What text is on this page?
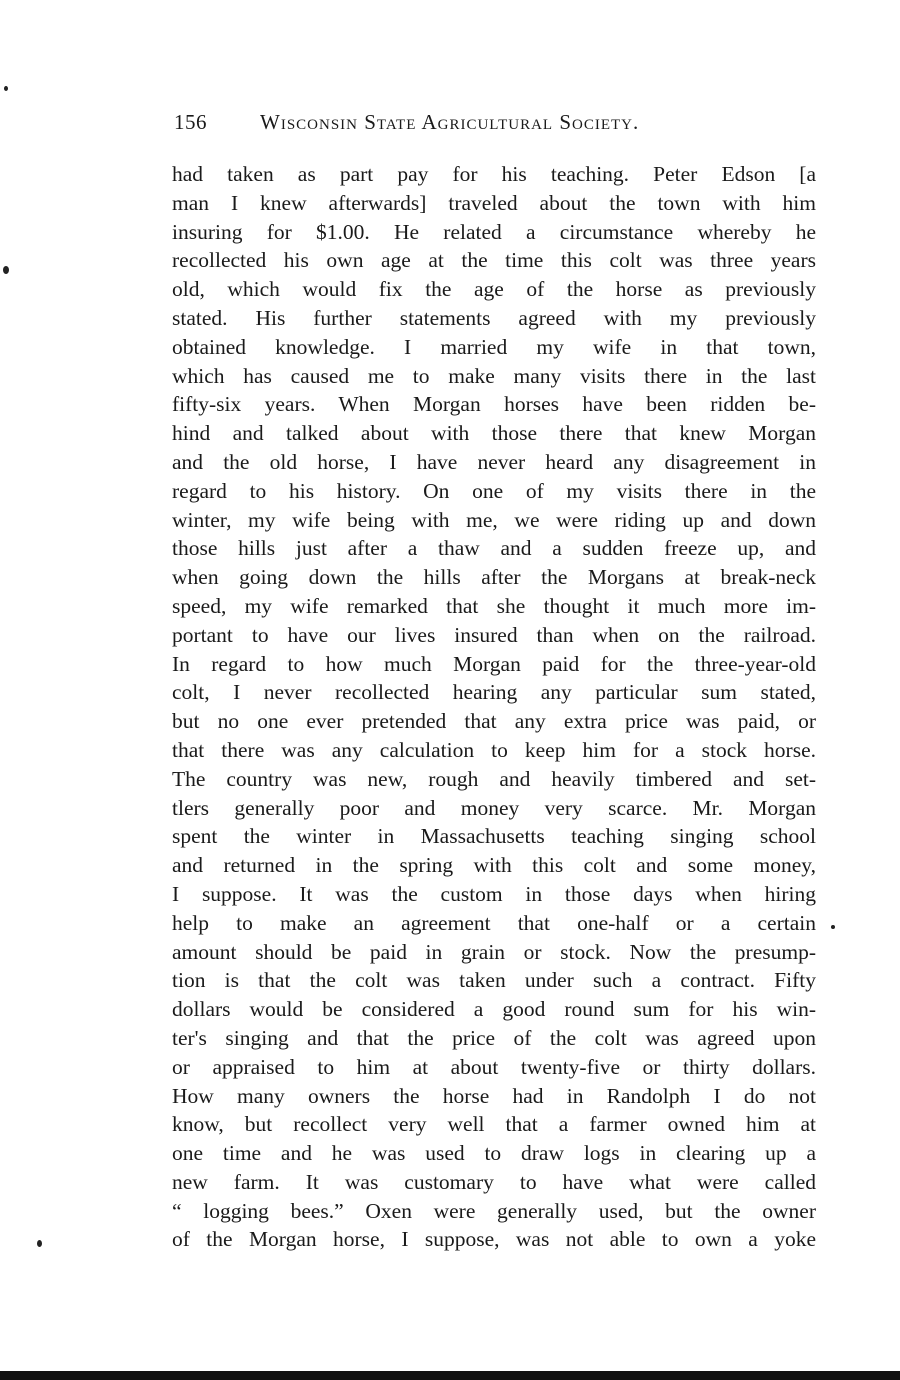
156	Wisconsin State Agricultural Society.
had taken as part pay for his teaching. Peter Edson [a
man I knew afterwards] traveled about the town with him
insuring for $1.00. He related a circumstance whereby he
recollected his own age at the time this colt was three years
old, which would fix the age of the horse as previously
stated. His further statements agreed with my previously
obtained knowledge. I married my wife in that town,
which has caused me to make many visits there in the last
fifty-six years. When Morgan horses have been ridden be-
hind and talked about with those there that knew Morgan
and the old horse, I have never heard any disagreement in
regard to his history. On one of my visits there in the
winter, my wife being with me, we were riding up and down
those hills just after a thaw and a sudden freeze up, and
when going down the hills after the Morgans at break-neck
speed, my wife remarked that she thought it much more im-
portant to have our lives insured than when on the railroad.
In regard to how much Morgan paid for the three-year-old
colt, I never recollected hearing any particular sum stated,
but no one ever pretended that any extra price was paid, or
that there was any calculation to keep him for a stock horse.
The country was new, rough and heavily timbered and set-
tlers generally poor and money very scarce. Mr. Morgan
spent the winter in Massachusetts teaching singing school
and returned in the spring with this colt and some money,
I suppose. It was the custom in those days when hiring
help to make an agreement that one-half or a certain
amount should be paid in grain or stock. Now the presump-
tion is that the colt was taken under such a contract. Fifty
dollars would be considered a good round sum for his win-
ter's singing and that the price of the colt was agreed upon
or appraised to him at about twenty-five or thirty dollars.
How many owners the horse had in Randolph I do not
know, but recollect very well that a farmer owned him at
one time and he was used to draw logs in clearing up a
new farm. It was customary to have what were called
“ logging bees.” Oxen were generally used, but the owner
of the Morgan horse, I suppose, was not able to own a yoke
